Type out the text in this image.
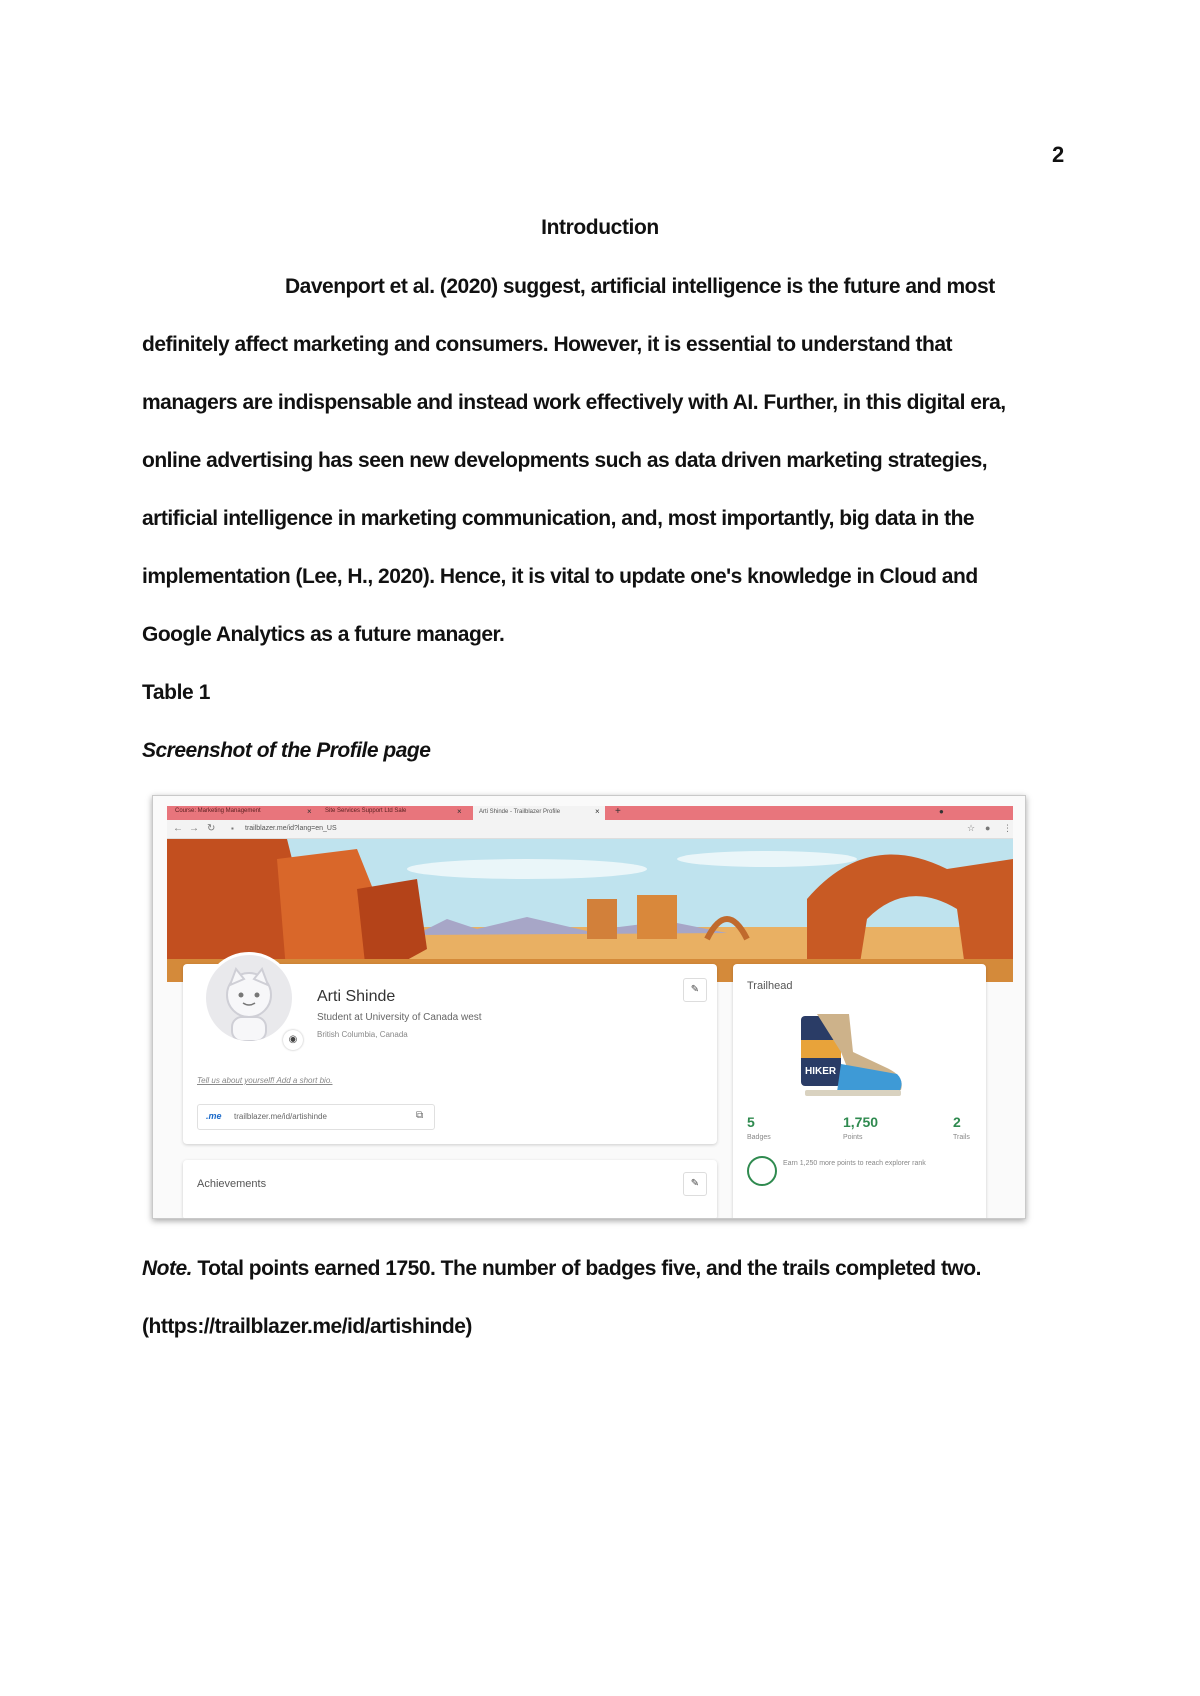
2
Introduction
Davenport et al. (2020) suggest, artificial intelligence is the future and most
definitely affect marketing and consumers. However, it is essential to understand that
managers are indispensable and instead work effectively with AI. Further, in this digital era,
online advertising has seen new developments such as data driven marketing strategies,
artificial intelligence in marketing communication, and, most importantly, big data in the
implementation (Lee, H., 2020). Hence, it is vital to update one's knowledge in Cloud and
Google Analytics as a future manager.
Table 1
Screenshot of the Profile page
Course: Marketing Management	× Site Services Support Ltd Sale	×	Arti Shinde - Trailblazer Profile	× +	●
← → ↻ ▪ trailblazer.me/id?lang=en_US	☆ ● ⋮
◉
Arti Shinde
Student at University of Canada west
British Columbia, Canada
✎
Tell us about yourself! Add a short bio.
.me trailblazer.me/id/artishinde	⧉
Trailhead
HIKER
5
Badges
1,750
Points
2
Trails
Earn 1,250 more points to reach explorer rank
Achievements	✎
Note. Total points earned 1750. The number of badges five, and the trails completed two.
(https://trailblazer.me/id/artishinde)
